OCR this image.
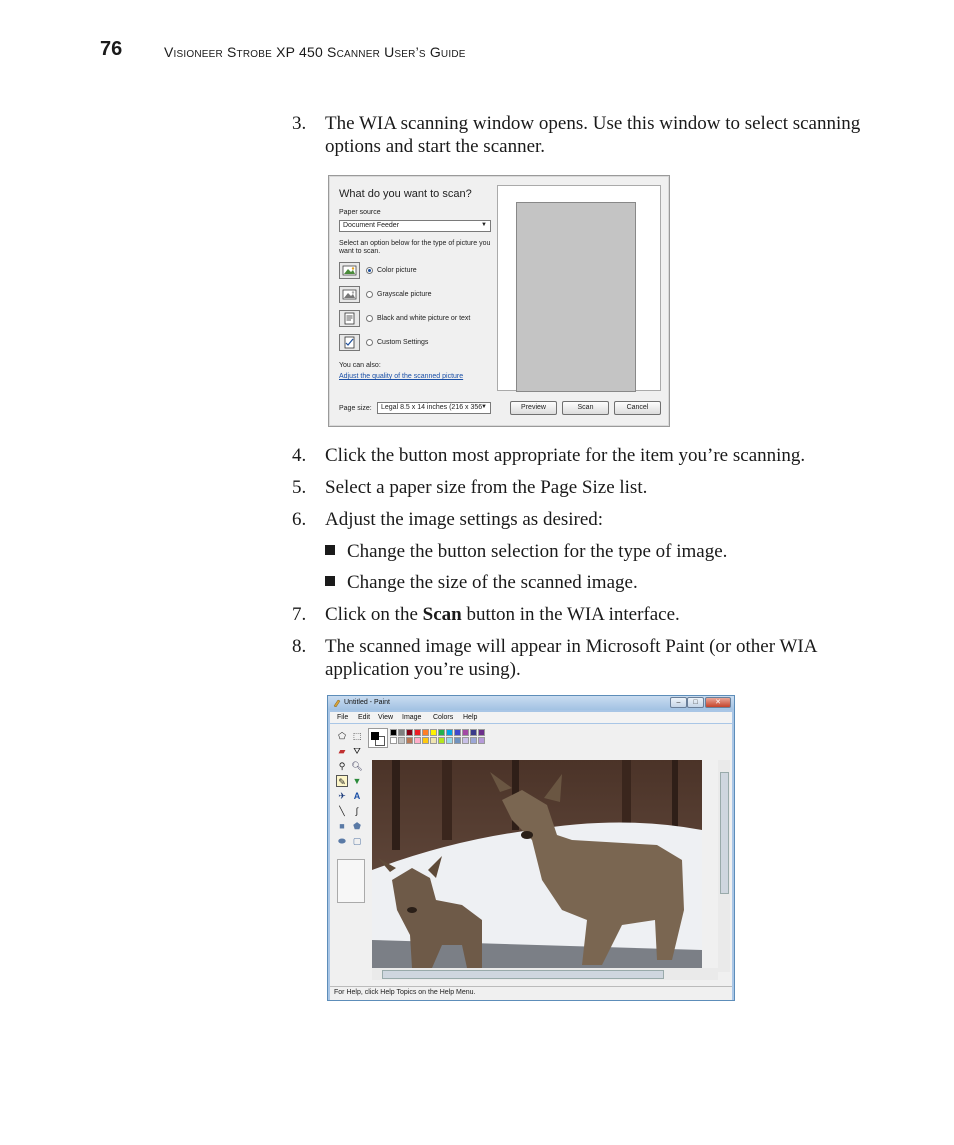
76	Visioneer Strobe XP 450 Scanner User’s Guide
3. The WIA scanning window opens. Use this window to select scanning options and start the scanner.
What do you want to scan?
Paper source
Document Feeder	▼
Select an option below for the type of picture you want to scan.
Color picture
Grayscale picture
Black and white picture or text
Custom Settings
You can also:
Adjust the quality of the scanned picture
Page size:	Legal 8.5 x 14 inches (216 x 356
▼	Preview	Scan	Cancel
4. Click the button most appropriate for the item you’re scanning.
5. Select a paper size from the Page Size list.
6. Adjust the image settings as desired:
Change the button selection for the type of image.
Change the size of the scanned image.
7. Click on the Scan button in the WIA interface.
8. The scanned image will appear in Microsoft Paint (or other WIA application you’re using).
Untitled - Paint	–	□	✕
File Edit View Image Colors Help
⬠ ⬚
▰ ⛛
⚲ 🔍︎
✎ ▼
✈ A
╲	∫
■ ⬟
⬬ ▢
For Help, click Help Topics on the Help Menu.
